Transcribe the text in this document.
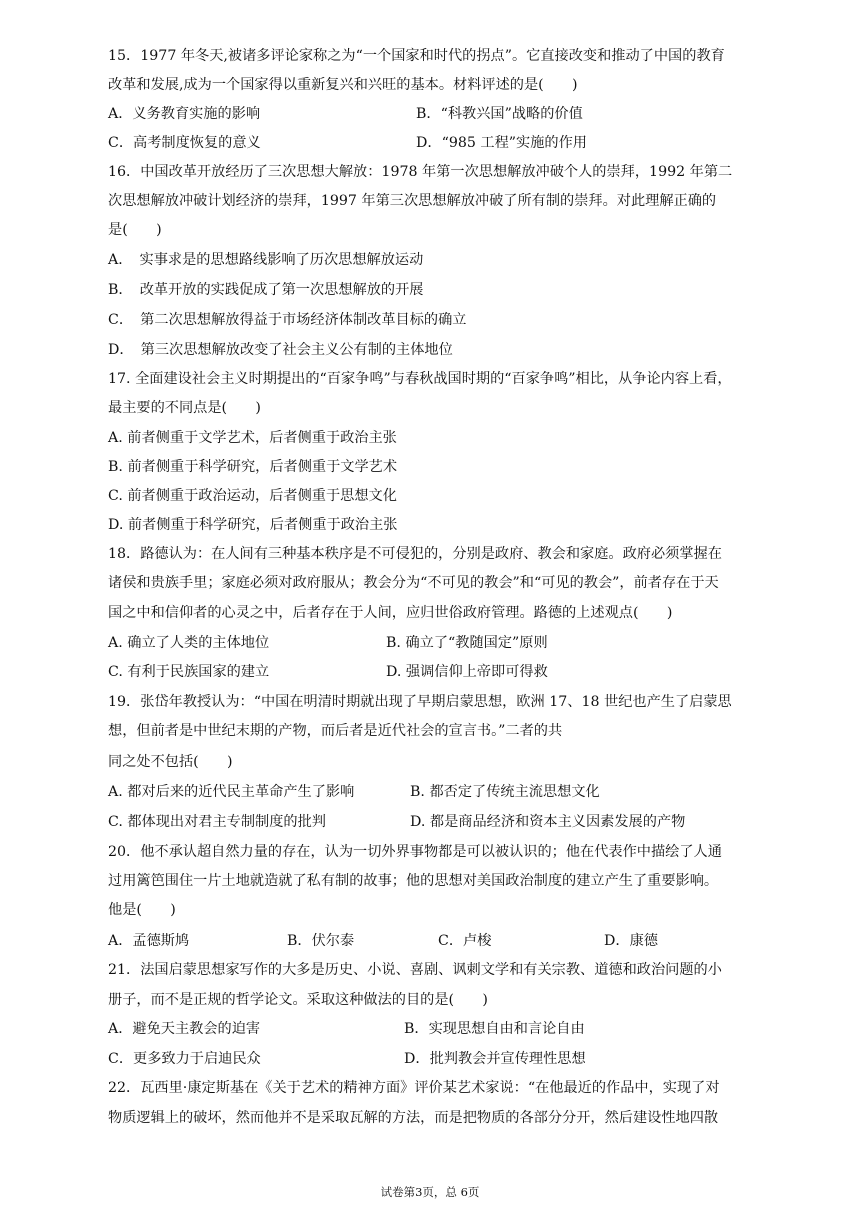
15．1977 年冬天,被诸多评论家称之为“一个国家和时代的拐点”。它直接改变和推动了中国的教育
改革和发展,成为一个国家得以重新复兴和兴旺的基本。材料评述的是(　　)
A．义务教育实施的影响	B．“科教兴国”战略的价值
C．高考制度恢复的意义	D．“985 工程”实施的作用
16．中国改革开放经历了三次思想大解放：1978 年第一次思想解放冲破个人的崇拜，1992 年第二
次思想解放冲破计划经济的崇拜，1997 年第三次思想解放冲破了所有制的崇拜。对此理解正确的
是(　　)
A．　实事求是的思想路线影响了历次思想解放运动
B．　改革开放的实践促成了第一次思想解放的开展
C．　第二次思想解放得益于市场经济体制改革目标的确立
D．　第三次思想解放改变了社会主义公有制的主体地位
17. 全面建设社会主义时期提出的“百家争鸣”与春秋战国时期的“百家争鸣”相比，从争论内容上看，
最主要的不同点是(　　)
A. 前者侧重于文学艺术，后者侧重于政治主张
B. 前者侧重于科学研究，后者侧重于文学艺术
C. 前者侧重于政治运动，后者侧重于思想文化
D. 前者侧重于科学研究，后者侧重于政治主张
18．路德认为：在人间有三种基本秩序是不可侵犯的，分别是政府、教会和家庭。政府必须掌握在
诸侯和贵族手里；家庭必须对政府服从；教会分为“不可见的教会”和“可见的教会”，前者存在于天
国之中和信仰者的心灵之中，后者存在于人间，应归世俗政府管理。路德的上述观点(　　)
A. 确立了人类的主体地位	B. 确立了“教随国定”原则
C. 有利于民族国家的建立	D. 强调信仰上帝即可得救
19．张岱年教授认为：“中国在明清时期就出现了早期启蒙思想，欧洲 17、18 世纪也产生了启蒙思
想，但前者是中世纪末期的产物，而后者是近代社会的宣言书。”二者的共
同之处不包括(　　)
A. 都对后来的近代民主革命产生了影响	B. 都否定了传统主流思想文化
C. 都体现出对君主专制制度的批判	D. 都是商品经济和资本主义因素发展的产物
20．他不承认超自然力量的存在，认为一切外界事物都是可以被认识的；他在代表作中描绘了人通
过用篱笆围住一片土地就造就了私有制的故事；他的思想对美国政治制度的建立产生了重要影响。
他是(　　)
A．孟德斯鸠	B．伏尔泰	C．卢梭	D．康德
21．法国启蒙思想家写作的大多是历史、小说、喜剧、讽刺文学和有关宗教、道德和政治问题的小
册子，而不是正规的哲学论文。采取这种做法的目的是(　　)
A．避免天主教会的迫害	B．实现思想自由和言论自由
C．更多致力于启迪民众	D．批判教会并宣传理性思想
22．瓦西里·康定斯基在《关于艺术的精神方面》评价某艺术家说：“在他最近的作品中，实现了对
物质逻辑上的破坏，然而他并不是采取瓦解的方法，而是把物质的各部分分开，然后建设性地四散
试卷第3页，总 6页
